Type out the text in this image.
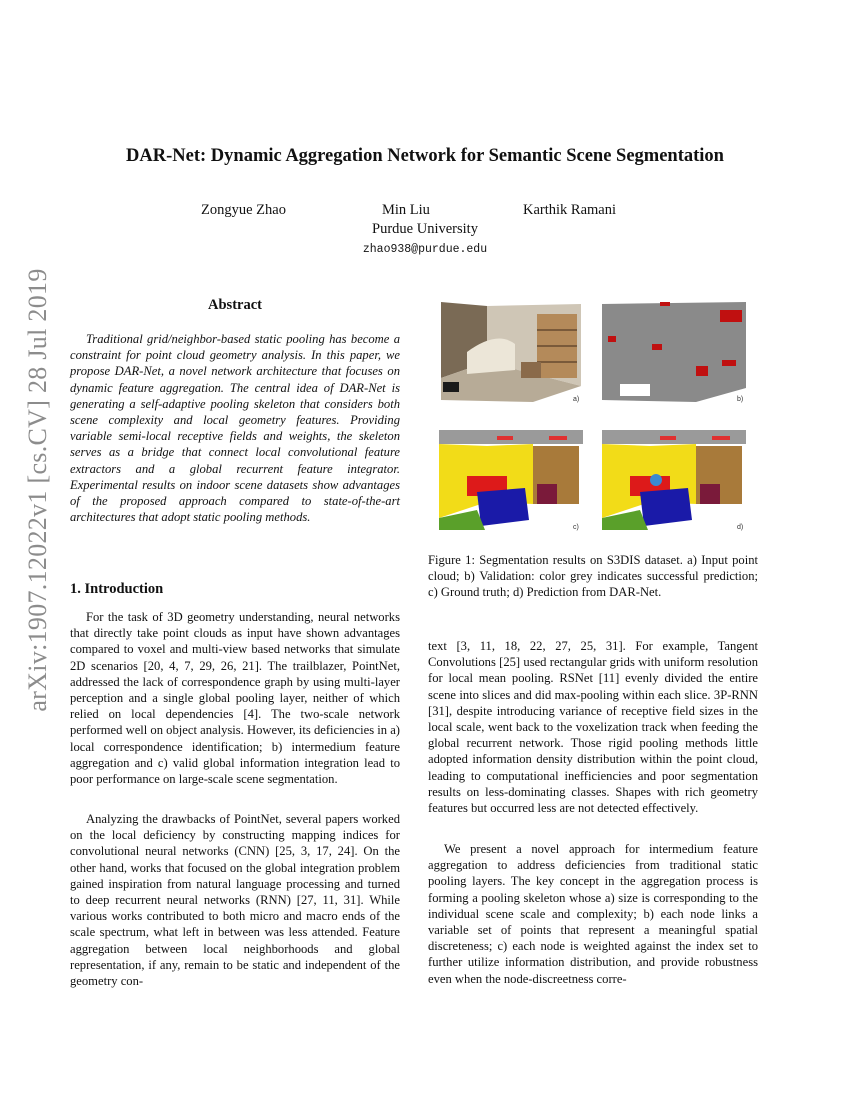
arXiv:1907.12022v1 [cs.CV] 28 Jul 2019
DAR-Net: Dynamic Aggregation Network for Semantic Scene Segmentation
Zongyue Zhao	Min Liu	Karthik Ramani
Purdue University
zhao938@purdue.edu
Abstract
Traditional grid/neighbor-based static pooling has become a constraint for point cloud geometry analysis. In this paper, we propose DAR-Net, a novel network architecture that focuses on dynamic feature aggregation. The central idea of DAR-Net is generating a self-adaptive pooling skeleton that considers both scene complexity and local geometry features. Providing variable semi-local receptive fields and weights, the skeleton serves as a bridge that connect local convolutional feature extractors and a global recurrent feature integrator. Experimental results on indoor scene datasets show advantages of the proposed approach compared to state-of-the-art architectures that adopt static pooling methods.
1. Introduction
For the task of 3D geometry understanding, neural networks that directly take point clouds as input have shown advantages compared to voxel and multi-view based networks that simulate 2D scenarios [20, 4, 7, 29, 26, 21]. The trailblazer, PointNet, addressed the lack of correspondence graph by using multi-layer perception and a single global pooling layer, neither of which relied on local dependencies [4]. The two-scale network performed well on object analysis. However, its deficiencies in a) local correspondence identification; b) intermedium feature aggregation and c) valid global information integration lead to poor performance on large-scale scene segmentation.
Analyzing the drawbacks of PointNet, several papers worked on the local deficiency by constructing mapping indices for convolutional neural networks (CNN) [25, 3, 17, 24]. On the other hand, works that focused on the global integration problem gained inspiration from natural language processing and turned to deep recurrent neural networks (RNN) [27, 11, 31]. While various works contributed to both micro and macro ends of the scale spectrum, what left in between was less attended. Feature aggregation between local neighborhoods and global representation, if any, remain to be static and independent of the geometry con-
a)	b)
c)	d)
Figure 1: Segmentation results on S3DIS dataset. a) Input point cloud; b) Validation: color grey indicates successful prediction; c) Ground truth; d) Prediction from DAR-Net.
text [3, 11, 18, 22, 27, 25, 31]. For example, Tangent Convolutions [25] used rectangular grids with uniform resolution for local mean pooling. RSNet [11] evenly divided the entire scene into slices and did max-pooling within each slice. 3P-RNN [31], despite introducing variance of receptive field sizes in the local scale, went back to the voxelization track when feeding the global recurrent network. Those rigid pooling methods little adopted information density distribution within the point cloud, leading to computational inefficiencies and poor segmentation results on less-dominating classes. Shapes with rich geometry features but occurred less are not detected effectively.
We present a novel approach for intermedium feature aggregation to address deficiencies from traditional static pooling layers. The key concept in the aggregation process is forming a pooling skeleton whose a) size is corresponding to the individual scene scale and complexity; b) each node links a variable set of points that represent a meaningful spatial discreteness; c) each node is weighted against the index set to further utilize information distribution, and provide robustness even when the node-discreetness corre-
